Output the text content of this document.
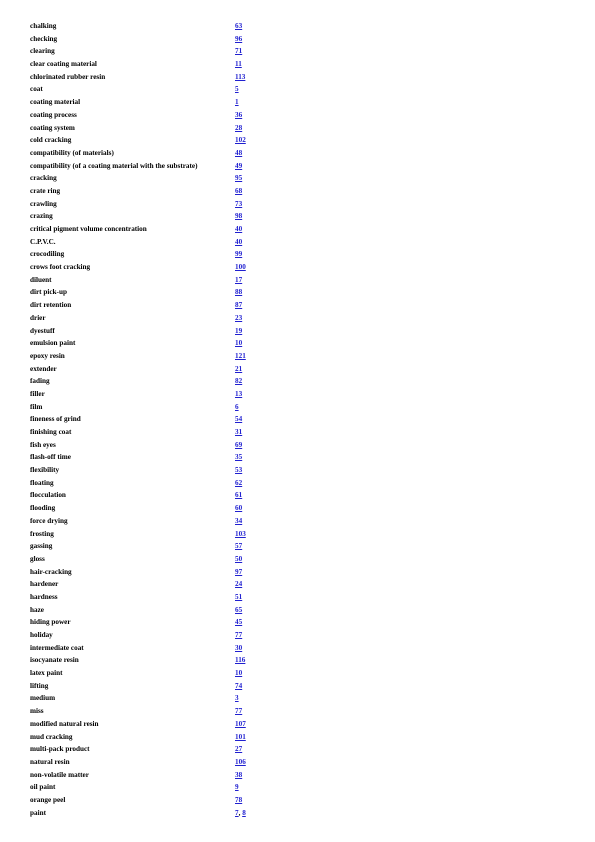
chalking	63
checking	96
clearing	71
clear coating material	11
chlorinated rubber resin	113
coat	5
coating material	1
coating process	36
coating system	28
cold cracking	102
compatibility (of materials)	48
compatibility (of a coating material with the substrate)	49
cracking	95
crate ring	68
crawling	73
crazing	98
critical pigment volume concentration	40
C.P.V.C.	40
crocodiling	99
crows foot cracking	100
diluent	17
dirt pick-up	88
dirt retention	87
drier	23
dyestuff	19
emulsion paint	10
epoxy resin	121
extender	21
fading	82
filler	13
film	6
fineness of grind	54
finishing coat	31
fish eyes	69
flash-off time	35
flexibility	53
floating	62
flocculation	61
flooding	60
force drying	34
frosting	103
gassing	57
gloss	50
hair-cracking	97
hardener	24
hardness	51
haze	65
hiding power	45
holiday	77
intermediate coat	30
isocyanate resin	116
latex paint	10
lifting	74
medium	3
miss	77
modified natural resin	107
mud cracking	101
multi-pack product	27
natural resin	106
non-volatile matter	38
oil paint	9
orange peel	78
paint	7, 8
